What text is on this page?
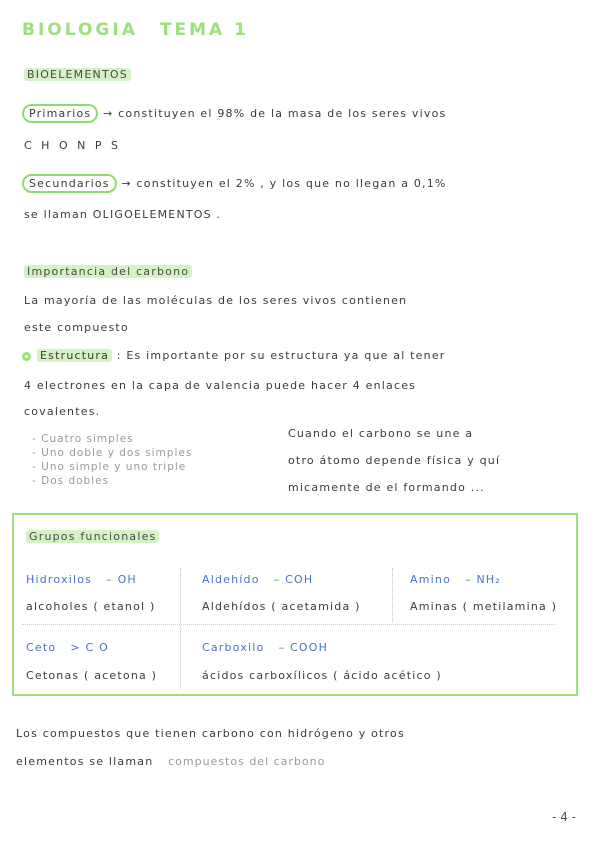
BIOLOGIA TEMA 1
BIOELEMENTOS
Primarios → constituyen el 98% de la masa de los seres vivos
C H O N P S
Secundarios → constituyen el 2% , y los que no llegan a 0,1%
se llaman OLIGOELEMENTOS .
Importancia del carbono
La mayoría de las moléculas de los seres vivos contienen
este compuesto
Estructura : Es importante por su estructura ya que al tener
4 electrones en la capa de valencia puede hacer 4 enlaces
covalentes.
- Cuatro simples
- Uno doble y dos simples
- Uno simple y uno triple
- Dos dobles
Cuando el carbono se une a
otro átomo depende física y quí
micamente de el formando ...
Grupos funcionales
Hidroxilos – OH
alcoholes ( etanol )
Aldehído – COH
Aldehídos ( acetamida )
Amino – NH₂
Aminas ( metilamina )
Ceto > C O
Cetonas ( acetona )
Carboxilo – COOH
ácidos carboxílicos ( ácido acético )
Los compuestos que tienen carbono con hidrógeno y otros
elementos se llaman compuestos del carbono
- 4 -
